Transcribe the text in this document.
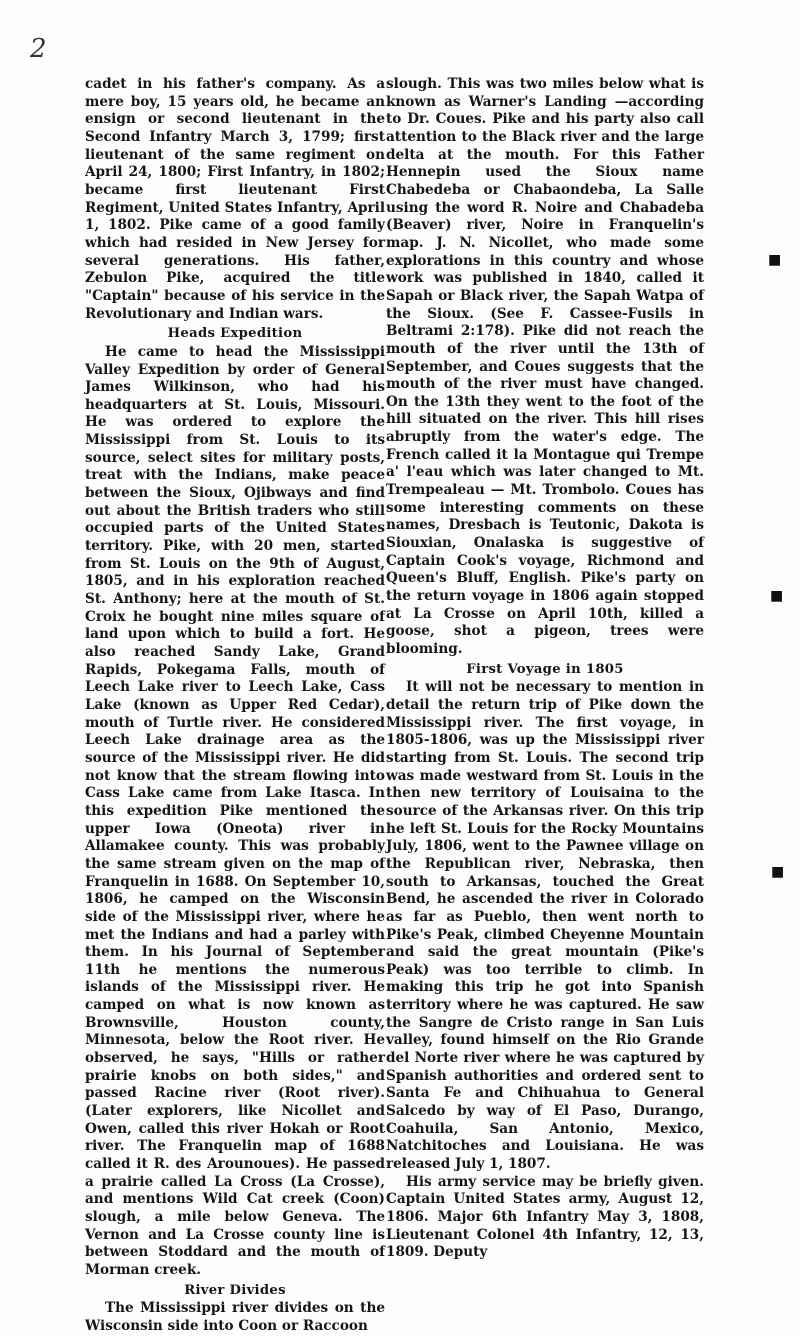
2

cadet in his father's company. As a mere boy, 15 years old, he became an ensign or second lieutenant in the Second Infantry March 3, 1799; first lieutenant of the same regiment on April 24, 1800; First Infantry, in 1802; became first lieutenant First Regiment, United States Infantry, April 1, 1802. Pike came of a good family which had resided in New Jersey for several generations. His father, Zebulon Pike, acquired the title "Captain" because of his service in the Revolutionary and Indian wars.

Heads Expedition

He came to head the Mississippi Valley Expedition by order of General James Wilkinson, who had his headquarters at St. Louis, Missouri. He was ordered to explore the Mississippi from St. Louis to its source, select sites for military posts, treat with the Indians, make peace between the Sioux, Ojibways and find out about the British traders who still occupied parts of the United States territory. Pike, with 20 men, started from St. Louis on the 9th of August, 1805, and in his exploration reached St. Anthony; here at the mouth of St. Croix he bought nine miles square of land upon which to build a fort. He also reached Sandy Lake, Grand Rapids, Pokegama Falls, mouth of Leech Lake river to Leech Lake, Cass Lake (known as Upper Red Cedar), mouth of Turtle river. He considered Leech Lake drainage area as the source of the Mississippi river. He did not know that the stream flowing into Cass Lake came from Lake Itasca. In this expedition Pike mentioned the upper Iowa (Oneota) river in Allamakee county. This was probably the same stream given on the map of Franquelin in 1688. On September 10, 1806, he camped on the Wisconsin side of the Mississippi river, where he met the Indians and had a parley with them. In his Journal of September 11th he mentions the numerous islands of the Mississippi river. He camped on what is now known as Brownsville, Houston county, Minnesota, below the Root river. He observed, he says, "Hills or rather prairie knobs on both sides," and passed Racine river (Root river). (Later explorers, like Nicollet and Owen, called this river Hokah or Root river. The Franquelin map of 1688 called it R. des Arounoues). He passed a prairie called La Cross (La Crosse), and mentions Wild Cat creek (Coon) slough, a mile below Geneva. The Vernon and La Crosse county line is between Stoddard and the mouth of Morman creek.

River Divides

The Mississippi river divides on the Wisconsin side into Coon or Raccoon

slough. This was two miles below what is known as Warner's Landing —according to Dr. Coues. Pike and his party also call attention to the Black river and the large delta at the mouth. For this Father Hennepin used the Sioux name Chabedeba or Chabaondeba, La Salle using the word R. Noire and Chabadeba (Beaver) river, Noire in Franquelin's map. J. N. Nicollet, who made some explorations in this country and whose work was published in 1840, called it Sapah or Black river, the Sapah Watpa of the Sioux. (See F. Cassee-Fusils in Beltrami 2:178). Pike did not reach the mouth of the river until the 13th of September, and Coues suggests that the mouth of the river must have changed. On the 13th they went to the foot of the hill situated on the river. This hill rises abruptly from the water's edge. The French called it la Montague qui Trempe a' l'eau which was later changed to Mt. Trempealeau — Mt. Trombolo. Coues has some interesting comments on these names, Dresbach is Teutonic, Dakota is Siouxian, Onalaska is suggestive of Captain Cook's voyage, Richmond and Queen's Bluff, English. Pike's party on the return voyage in 1806 again stopped at La Crosse on April 10th, killed a goose, shot a pigeon, trees were blooming.

First Voyage in 1805

It will not be necessary to mention in detail the return trip of Pike down the Mississippi river. The first voyage, in 1805-1806, was up the Mississippi river starting from St. Louis. The second trip was made westward from St. Louis in the then new territory of Louisaina to the source of the Arkansas river. On this trip he left St. Louis for the Rocky Mountains July, 1806, went to the Pawnee village on the Republican river, Nebraska, then south to Arkansas, touched the Great Bend, he ascended the river in Colorado as far as Pueblo, then went north to Pike's Peak, climbed Cheyenne Mountain and said the great mountain (Pike's Peak) was too terrible to climb. In making this trip he got into Spanish territory where he was captured. He saw the Sangre de Cristo range in San Luis valley, found himself on the Rio Grande del Norte river where he was captured by Spanish authorities and ordered sent to Santa Fe and Chihuahua to General Salcedo by way of El Paso, Durango, Coahuila, San Antonio, Mexico, Natchitoches and Louisiana. He was released July 1, 1807.

His army service may be briefly given. Captain United States army, August 12, 1806. Major 6th Infantry May 3, 1808, Lieutenant Colonel 4th Infantry, 12, 13, 1809. Deputy

■
■
■
